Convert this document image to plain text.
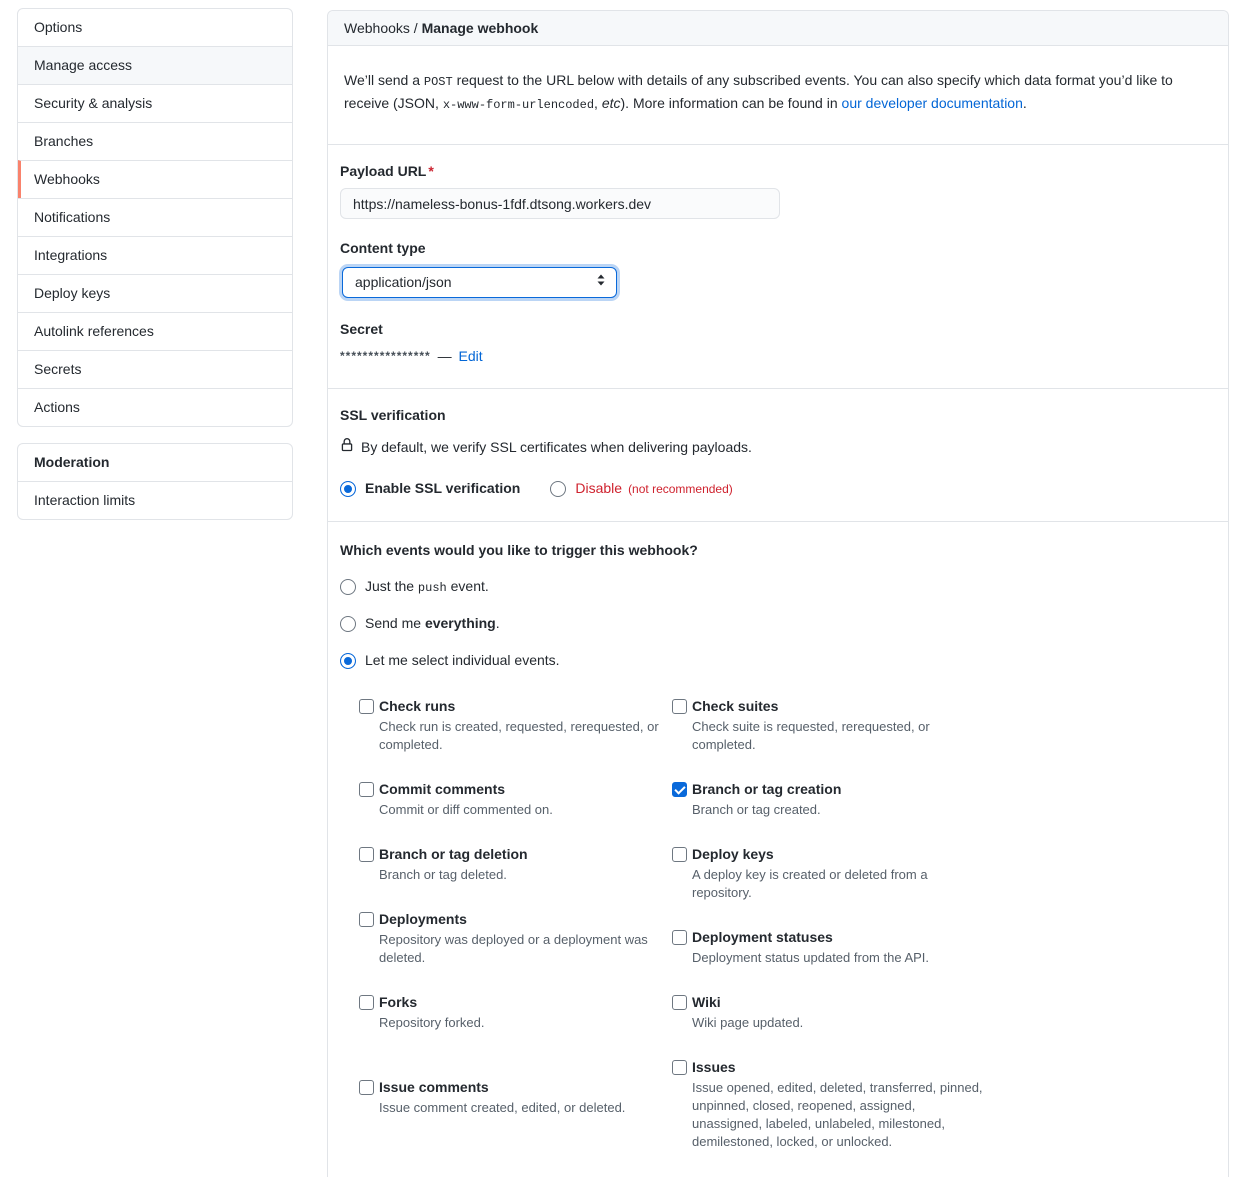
Options
Manage access
Security & analysis
Branches
Webhooks
Notifications
Integrations
Deploy keys
Autolink references
Secrets
Actions
Moderation
Interaction limits
Webhooks / Manage webhook

We’ll send a POST request to the URL below with details of any subscribed events. You can also specify which data format you’d like to receive (JSON, x-www-form-urlencoded, etc). More information can be found in our developer documentation.

Payload URL *
https://nameless-bonus-1fdf.dtsong.workers.dev
Content type
application/json
Secret
**************** — Edit
SSL verification
By default, we verify SSL certificates when delivering payloads.
Enable SSL verification	Disable (not recommended)
Which events would you like to trigger this webhook?
Just the push event.
Send me everything.
Let me select individual events.
Check runs
Check run is created, requested, rerequested, or completed.
Commit comments
Commit or diff commented on.
Branch or tag deletion
Branch or tag deleted.
Deployments
Repository was deployed or a deployment was deleted.
Forks
Repository forked.
Issue comments
Issue comment created, edited, or deleted.
Check suites
Check suite is requested, rerequested, or completed.
Branch or tag creation
Branch or tag created.
Deploy keys
A deploy key is created or deleted from a repository.
Deployment statuses
Deployment status updated from the API.
Wiki
Wiki page updated.
Issues
Issue opened, edited, deleted, transferred, pinned, unpinned, closed, reopened, assigned, unassigned, labeled, unlabeled, milestoned, demilestoned, locked, or unlocked.
